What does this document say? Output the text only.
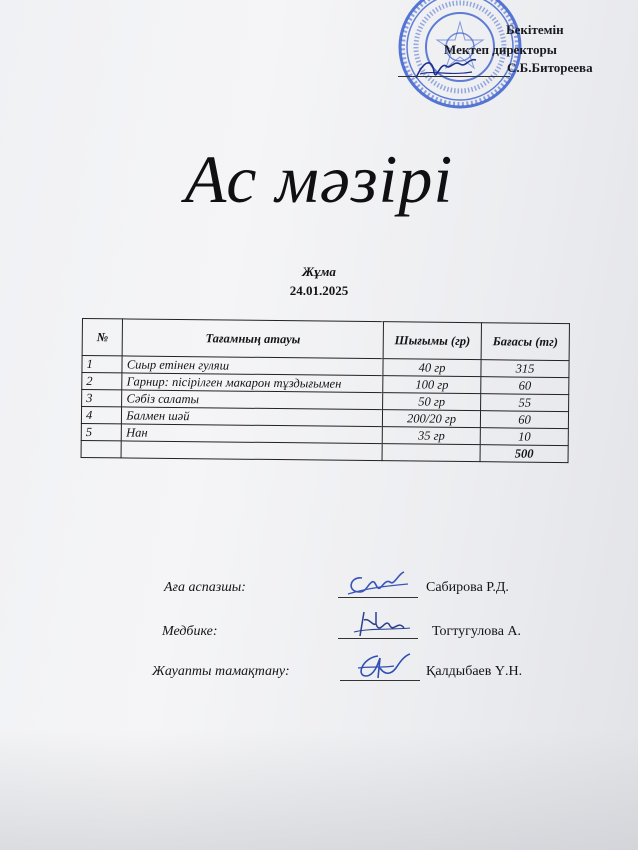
Бекітемін
Мектеп директоры
С.Б.Битореева
Ас мәзірі
Жұма
24.01.2025
№	Тағамның атауы	Шығымы (гр)	Бағасы (тг)
1	Сиыр етінен гуляш	40 гр	315
2	Гарнир: пісірілген макарон тұздығымен	100 гр	60
3	Сәбіз салаты	50 гр	55
4	Балмен шәй	200/20 гр	60
5	Нан	35 гр	10
			500
Аға аспазшы:	Сабирова Р.Д.
Медбике:	Тогтугулова А.
Жауапты тамақтану:	Қалдыбаев Ү.Н.
